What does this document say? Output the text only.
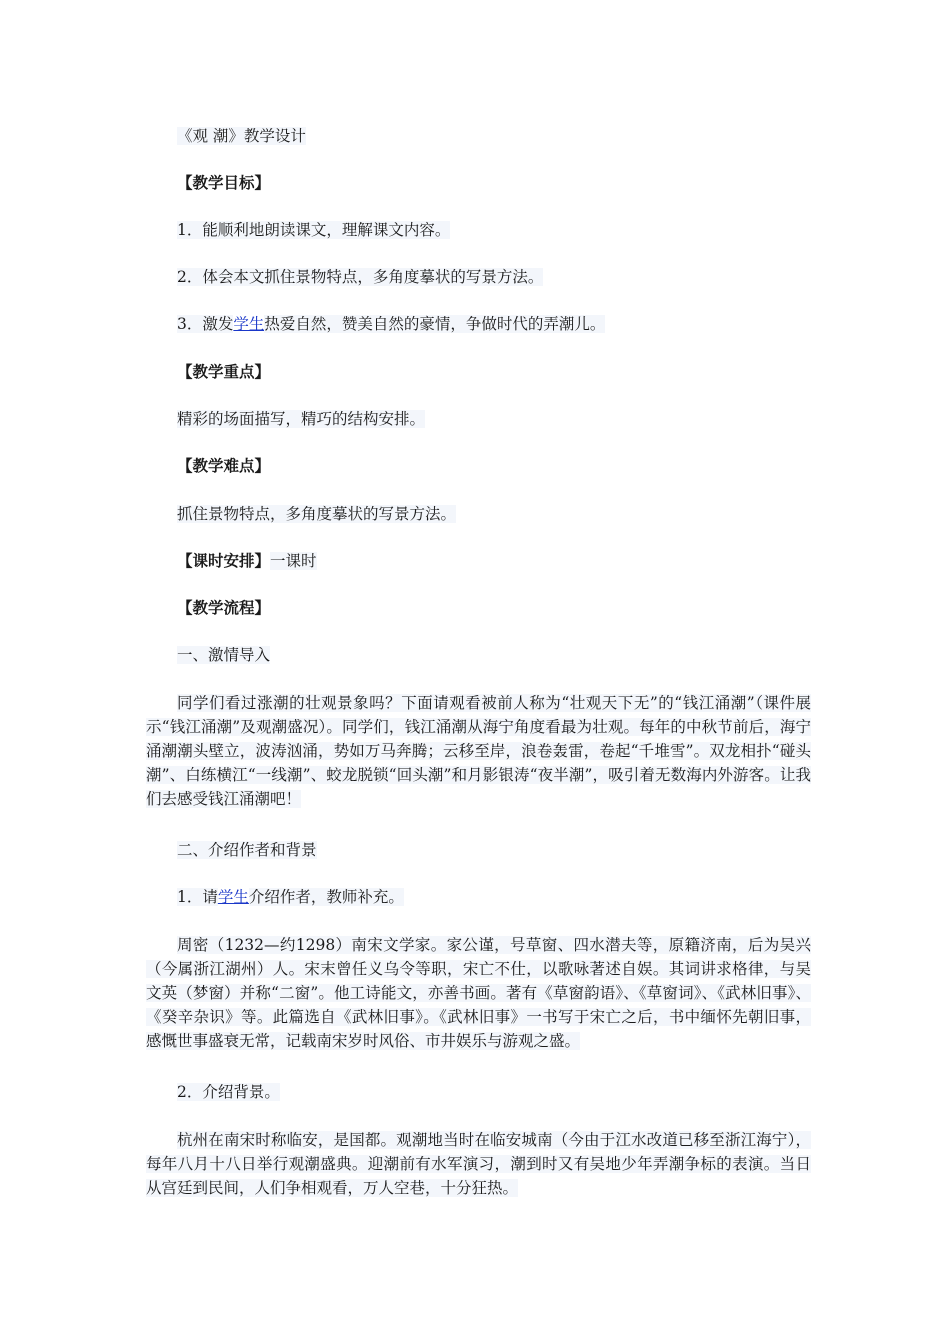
《观 潮》教学设计
【教学目标】
1．能顺利地朗读课文，理解课文内容。
2．体会本文抓住景物特点，多角度摹状的写景方法。
3．激发学生热爱自然，赞美自然的豪情，争做时代的弄潮儿。
【教学重点】
精彩的场面描写，精巧的结构安排。
【教学难点】
抓住景物特点，多角度摹状的写景方法。
【课时安排】一课时
【教学流程】
一、激情导入
同学们看过涨潮的壮观景象吗？下面请观看被前人称为“壮观天下无”的“钱江涌潮”（课件展示“钱江涌潮”及观潮盛况）。同学们，钱江涌潮从海宁角度看最为壮观。每年的中秋节前后，海宁涌潮潮头壁立，波涛汹涌，势如万马奔腾；云移至岸，浪卷轰雷，卷起“千堆雪”。双龙相扑“碰头潮”、白练横江“一线潮”、蛟龙脱锁“回头潮”和月影银涛“夜半潮”，吸引着无数海内外游客。让我们去感受钱江涌潮吧！
二、介绍作者和背景
1．请学生介绍作者，教师补充。
周密（1232—约1298）南宋文学家。家公谨，号草窗、四水潜夫等，原籍济南，后为吴兴（今属浙江湖州）人。宋末曾任义乌令等职，宋亡不仕，以歌咏著述自娱。其词讲求格律，与吴文英（梦窗）并称“二窗”。他工诗能文，亦善书画。著有《草窗韵语》、《草窗词》、《武林旧事》、《癸辛杂识》等。此篇选自《武林旧事》。《武林旧事》一书写于宋亡之后，书中缅怀先朝旧事，感慨世事盛衰无常，记载南宋岁时风俗、市井娱乐与游观之盛。
2．介绍背景。
杭州在南宋时称临安，是国都。观潮地当时在临安城南（今由于江水改道已移至浙江海宁），每年八月十八日举行观潮盛典。迎潮前有水军演习，潮到时又有吴地少年弄潮争标的表演。当日从宫廷到民间，人们争相观看，万人空巷，十分狂热。
